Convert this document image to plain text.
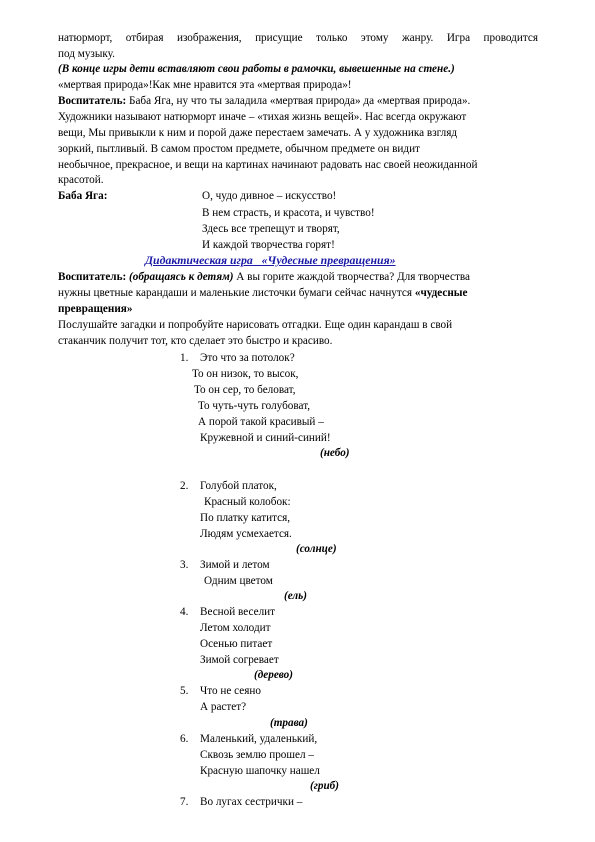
натюрморт, отбирая изображения, присущие только этому жанру. Игра проводится
под музыку.
(В конце игры дети вставляют свои работы в рамочки, вывешенные на стене.)
«мертвая природа»!Как мне нравится эта «мертвая природа»!
Воспитатель: Баба Яга, ну что ты заладила «мертвая природа» да «мертвая природа».
Художники называют натюрморт иначе – «тихая жизнь вещей». Нас всегда окружают
вещи, Мы привыкли к ним и порой даже перестаем замечать. А у художника взгляд
зоркий, пытливый. В самом простом предмете, обычном предмете он видит
необычное, прекрасное, и вещи на картинах начинают радовать нас своей неожиданной
красотой.
Баба Яга:	О, чудо дивное – искусство!
В нем страсть, и красота, и чувство!
Здесь все трепещут и творят,
И каждой творчества горят!
Дидактическая игра «Чудесные превращения»
Воспитатель: (обращаясь к детям) А вы горите жаждой творчества? Для творчества
нужны цветные карандаши и маленькие листочки бумаги сейчас начнутся «чудесные
превращения»
Послушайте загадки и попробуйте нарисовать отгадки. Еще один карандаш в свой
стаканчик получит тот, кто сделает это быстро и красиво.
1. Это что за потолок?
То он низок, то высок,
То он сер, то беловат,
То чуть-чуть голубоват,
А порой такой красивый –
Кружевной и синий-синий!
(небо)
2. Голубой платок,
Красный колобок:
По платку катится,
Людям усмехается.
(солнце)
3. Зимой и летом
Одним цветом
(ель)
4. Весной веселит
Летом холодит
Осенью питает
Зимой согревает
(дерево)
5. Что не сеяно
А растет?
(трава)
6. Маленький, удаленький,
Сквозь землю прошел –
Красную шапочку нашел
(гриб)
7. Во лугах сестрички –
